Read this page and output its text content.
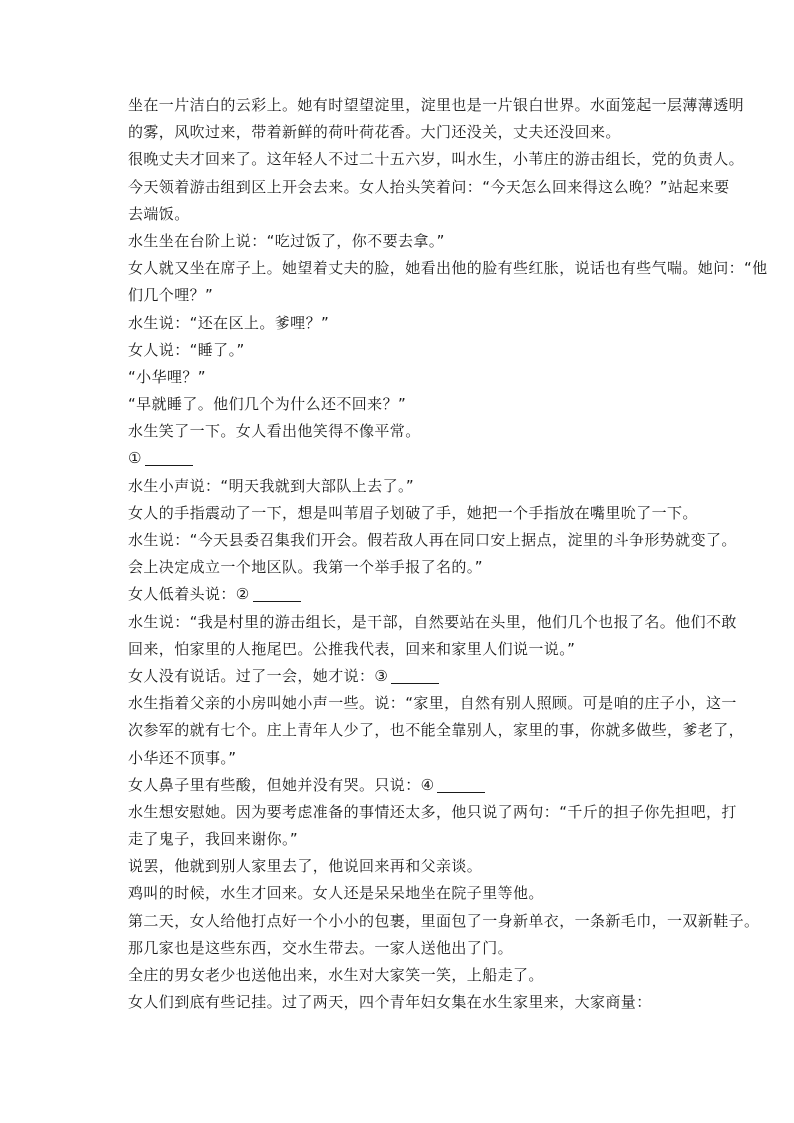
坐在一片洁白的云彩上。她有时望望淀里，淀里也是一片银白世界。水面笼起一层薄薄透明
的雾，风吹过来，带着新鲜的荷叶荷花香。大门还没关，丈夫还没回来。
很晚丈夫才回来了。这年轻人不过二十五六岁，叫水生，小苇庄的游击组长，党的负责人。
今天领着游击组到区上开会去来。女人抬头笑着问：“今天怎么回来得这么晚？”站起来要
去端饭。
水生坐在台阶上说：“吃过饭了，你不要去拿。”
女人就又坐在席子上。她望着丈夫的脸，她看出他的脸有些红胀，说话也有些气喘。她问：“他
们几个哩？”
水生说：“还在区上。爹哩？”
女人说：“睡了。”
“小华哩？”
“早就睡了。他们几个为什么还不回来？”
水生笑了一下。女人看出他笑得不像平常。
①
水生小声说：“明天我就到大部队上去了。”
女人的手指震动了一下，想是叫苇眉子划破了手，她把一个手指放在嘴里吮了一下。
水生说：“今天县委召集我们开会。假若敌人再在同口安上据点，淀里的斗争形势就变了。
会上决定成立一个地区队。我第一个举手报了名的。”
女人低着头说：②
水生说：“我是村里的游击组长，是干部，自然要站在头里，他们几个也报了名。他们不敢
回来，怕家里的人拖尾巴。公推我代表，回来和家里人们说一说。”
女人没有说话。过了一会，她才说：③
水生指着父亲的小房叫她小声一些。说：“家里，自然有别人照顾。可是咱的庄子小，这一
次参军的就有七个。庄上青年人少了，也不能全靠别人，家里的事，你就多做些，爹老了，
小华还不顶事。”
女人鼻子里有些酸，但她并没有哭。只说：④
水生想安慰她。因为要考虑准备的事情还太多，他只说了两句：“千斤的担子你先担吧，打
走了鬼子，我回来谢你。”
说罢，他就到别人家里去了，他说回来再和父亲谈。
鸡叫的时候，水生才回来。女人还是呆呆地坐在院子里等他。
第二天，女人给他打点好一个小小的包裹，里面包了一身新单衣，一条新毛巾，一双新鞋子。
那几家也是这些东西，交水生带去。一家人送他出了门。
全庄的男女老少也送他出来，水生对大家笑一笑，上船走了。
女人们到底有些记挂。过了两天，四个青年妇女集在水生家里来，大家商量：
